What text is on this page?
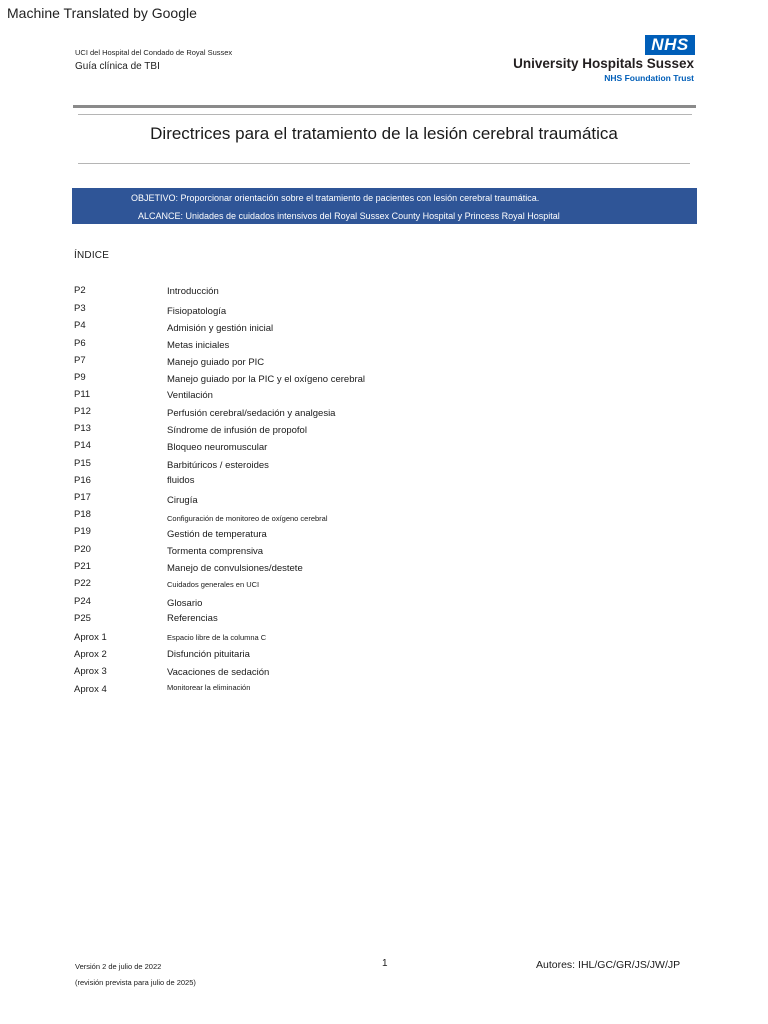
Machine Translated by Google
UCI del Hospital del Condado de Royal Sussex
Guía clínica de TBI
NHS
University Hospitals Sussex
NHS Foundation Trust
Directrices para el tratamiento de la lesión cerebral traumática
OBJETIVO: Proporcionar orientación sobre el tratamiento de pacientes con lesión cerebral traumática.
ALCANCE: Unidades de cuidados intensivos del Royal Sussex County Hospital y Princess Royal Hospital
ÍNDICE
P2	Introducción
P3	Fisiopatología
P4	Admisión y gestión inicial
P6	Metas iniciales
P7	Manejo guiado por PIC
P9	Manejo guiado por la PIC y el oxígeno cerebral
P11	Ventilación
P12	Perfusión cerebral/sedación y analgesia
P13	Síndrome de infusión de propofol
P14	Bloqueo neuromuscular
P15	Barbitúricos / esteroides
P16	fluidos
P17	Cirugía
P18	Configuración de monitoreo de oxígeno cerebral
P19	Gestión de temperatura
P20	Tormenta comprensiva
P21	Manejo de convulsiones/destete
P22	Cuidados generales en UCI
P24	Glosario
P25	Referencias
Aprox 1	Espacio libre de la columna C
Aprox 2	Disfunción pituitaria
Aprox 3	Vacaciones de sedación
Aprox 4	Monitorear la eliminación
Versión 2 de julio de 2022
(revisión prevista para julio de 2025)
1	Autores: IHL/GC/GR/JS/JW/JP
